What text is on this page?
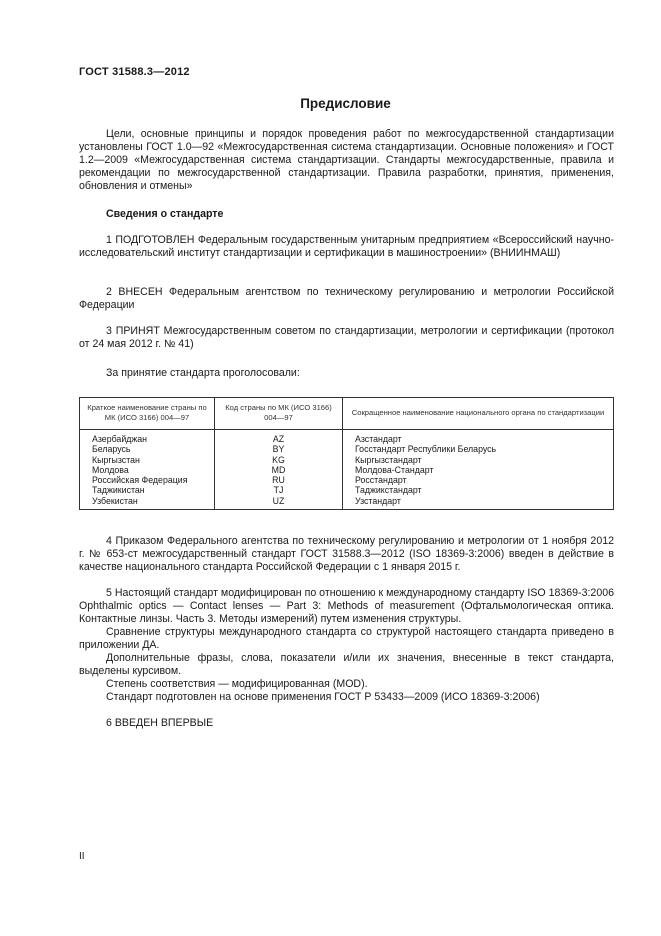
ГОСТ 31588.3—2012
Предисловие

Цели, основные принципы и порядок проведения работ по межгосударственной стандартизации установлены ГОСТ 1.0—92 «Межгосударственная система стандартизации. Основные положения» и ГОСТ 1.2—2009 «Межгосударственная система стандартизации. Стандарты межгосударственные, правила и рекомендации по межгосударственной стандартизации. Правила разработки, принятия, применения, обновления и отмены»

Сведения о стандарте

1 ПОДГОТОВЛЕН Федеральным государственным унитарным предприятием «Всероссийский научно-исследовательский институт стандартизации и сертификации в машиностроении» (ВНИИНМАШ)

2 ВНЕСЕН Федеральным агентством по техническому регулированию и метрологии Российской Федерации

3 ПРИНЯТ Межгосударственным советом по стандартизации, метрологии и сертификации (протокол от 24 мая 2012 г. № 41)

За принятие стандарта проголосовали:
Краткое наименование страны по МК (ИСО 3166) 004—97	Код страны по МК (ИСО 3166) 004—97	Сокращенное наименование национального органа по стандартизации
Азербайджан	AZ	Азстандарт
Беларусь	BY	Госстандарт Республики Беларусь
Кыргызстан	KG	Кыргызстандарт
Молдова	MD	Молдова-Стандарт
Российская Федерация	RU	Росстандарт
Таджикистан	TJ	Таджикстандарт
Узбекистан	UZ	Узстандарт

4 Приказом Федерального агентства по техническому регулированию и метрологии от 1 ноября 2012 г. № 653-ст межгосударственный стандарт ГОСТ 31588.3—2012 (ISO 18369-3:2006) введен в действие в качестве национального стандарта Российской Федерации с 1 января 2015 г.

5 Настоящий стандарт модифицирован по отношению к международному стандарту ISO 18369-3:2006 Ophthalmic optics — Contact lenses — Part 3: Methods of measurement (Офтальмологическая оптика. Контактные линзы. Часть 3. Методы измерений) путем изменения структуры.

Сравнение структуры международного стандарта со структурой настоящего стандарта приведено в приложении ДА.

Дополнительные фразы, слова, показатели и/или их значения, внесенные в текст стандарта, выделены курсивом.

Степень соответствия — модифицированная (MOD).

Стандарт подготовлен на основе применения ГОСТ Р 53433—2009 (ИСО 18369-3:2006)

6 ВВЕДЕН ВПЕРВЫЕ

II
